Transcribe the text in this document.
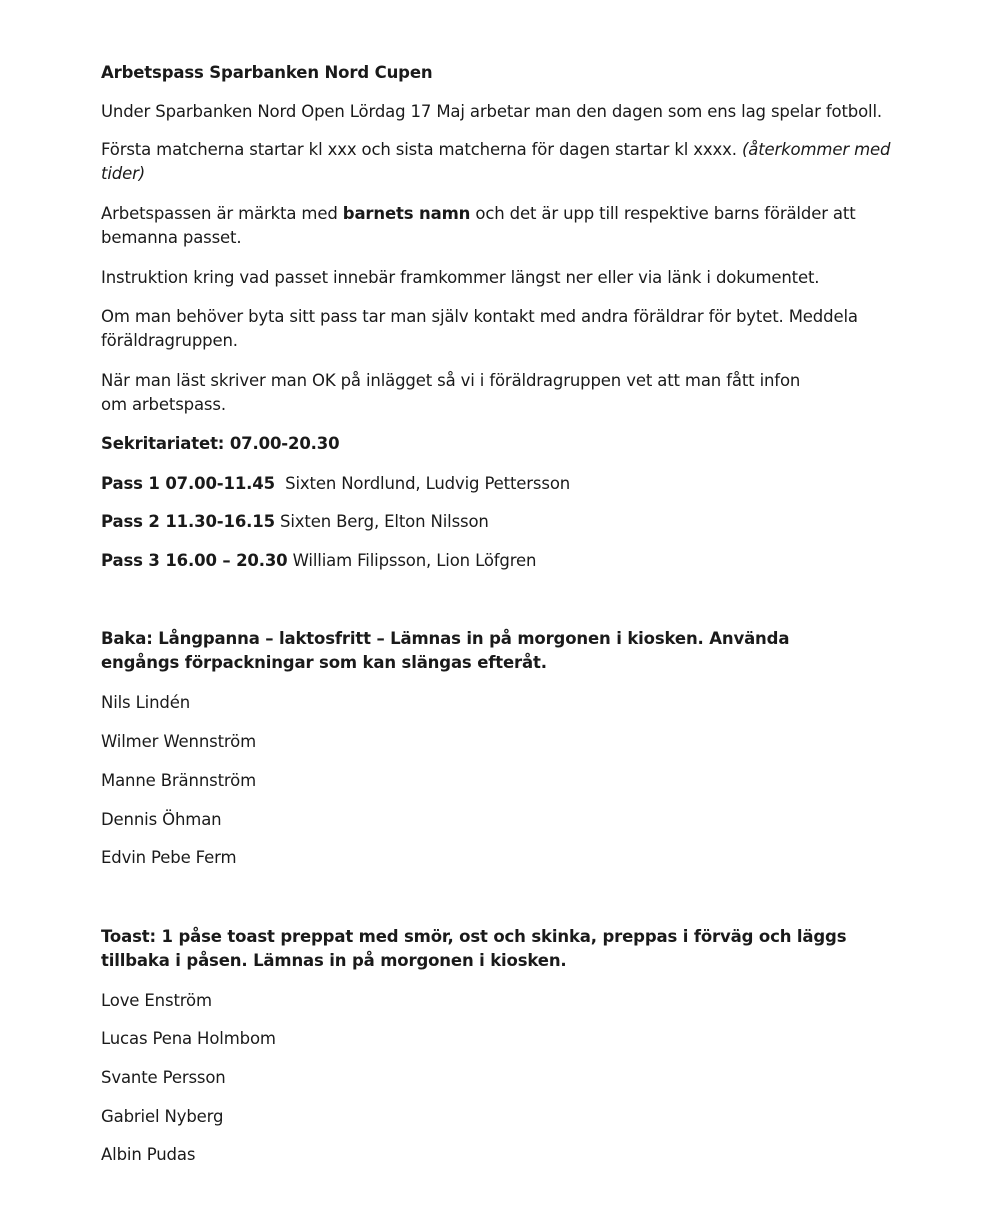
Arbetspass Sparbanken Nord Cupen

Under Sparbanken Nord Open Lördag 17 Maj arbetar man den dagen som ens lag spelar fotboll.

Första matcherna startar kl xxx och sista matcherna för dagen startar kl xxxx. (återkommer med tider)

Arbetspassen är märkta med barnets namn och det är upp till respektive barns förälder att bemanna passet.

Instruktion kring vad passet innebär framkommer längst ner eller via länk i dokumentet.

Om man behöver byta sitt pass tar man själv kontakt med andra föräldrar för bytet. Meddela föräldragruppen.

När man läst skriver man OK på inlägget så vi i föräldragruppen vet att man fått infon om arbetspass.

Sekritariatet: 07.00-20.30

Pass 1 07.00-11.45  Sixten Nordlund, Ludvig Pettersson

Pass 2 11.30-16.15 Sixten Berg, Elton Nilsson

Pass 3 16.00 – 20.30 William Filipsson, Lion Löfgren

Baka: Långpanna – laktosfritt – Lämnas in på morgonen i kiosken. Använda engångs förpackningar som kan slängas efteråt.

Nils Lindén

Wilmer Wennström

Manne Brännström

Dennis Öhman

Edvin Pebe Ferm

Toast: 1 påse toast preppat med smör, ost och skinka, preppas i förväg och läggs tillbaka i påsen. Lämnas in på morgonen i kiosken.

Love Enström

Lucas Pena Holmbom

Svante Persson

Gabriel Nyberg

Albin Pudas
